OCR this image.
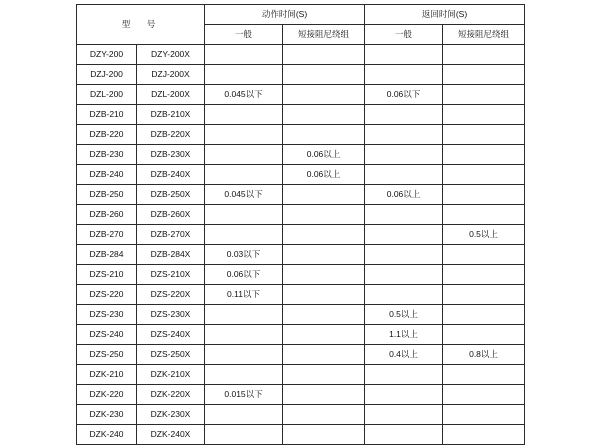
型　号		动作时间(S)		返回时间(S)	
		一般	短接阻尼绕组	一般	短接阻尼绕组
DZY-200	DZY-200X				
DZJ-200	DZJ-200X				
DZL-200	DZL-200X	0.045以下		0.06以下	
DZB-210	DZB-210X				
DZB-220	DZB-220X				
DZB-230	DZB-230X		0.06以上		
DZB-240	DZB-240X		0.06以上		
DZB-250	DZB-250X	0.045以下		0.06以上	
DZB-260	DZB-260X				
DZB-270	DZB-270X				0.5以上
DZB-284	DZB-284X	0.03以下			
DZS-210	DZS-210X	0.06以下			
DZS-220	DZS-220X	0.11以下			
DZS-230	DZS-230X			0.5以上	
DZS-240	DZS-240X			1.1以上	
DZS-250	DZS-250X			0.4以上	0.8以上
DZK-210	DZK-210X				
DZK-220	DZK-220X	0.015以下			
DZK-230	DZK-230X				
DZK-240	DZK-240X				
